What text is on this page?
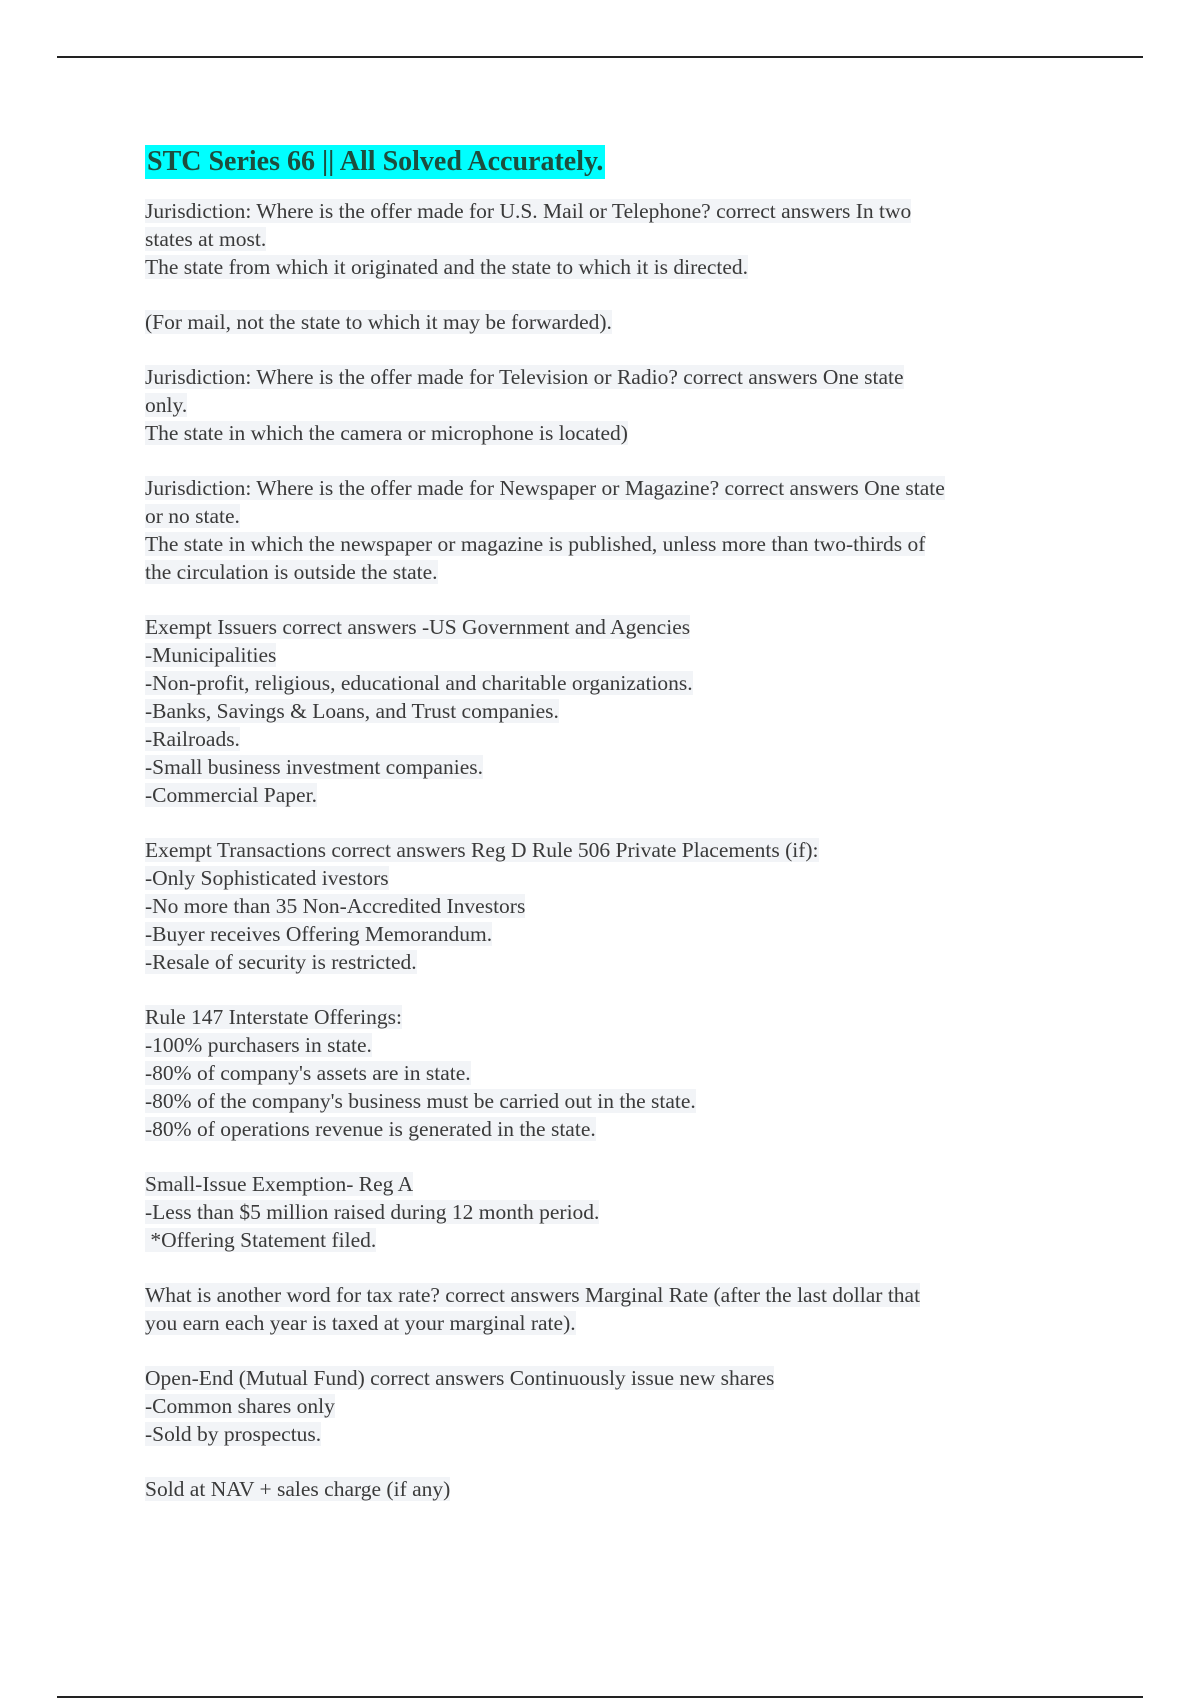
STC Series 66 || All Solved Accurately.
Jurisdiction: Where is the offer made for U.S. Mail or Telephone? correct answers In two
states at most.
The state from which it originated and the state to which it is directed.
(For mail, not the state to which it may be forwarded).
Jurisdiction: Where is the offer made for Television or Radio? correct answers One state
only.
The state in which the camera or microphone is located)
Jurisdiction: Where is the offer made for Newspaper or Magazine? correct answers One state
or no state.
The state in which the newspaper or magazine is published, unless more than two-thirds of
the circulation is outside the state.
Exempt Issuers correct answers -US Government and Agencies
-Municipalities
-Non-profit, religious, educational and charitable organizations.
-Banks, Savings & Loans, and Trust companies.
-Railroads.
-Small business investment companies.
-Commercial Paper.
Exempt Transactions correct answers Reg D Rule 506 Private Placements (if):
-Only Sophisticated ivestors
-No more than 35 Non-Accredited Investors
-Buyer receives Offering Memorandum.
-Resale of security is restricted.
Rule 147 Interstate Offerings:
-100% purchasers in state.
-80% of company's assets are in state.
-80% of the company's business must be carried out in the state.
-80% of operations revenue is generated in the state.
Small-Issue Exemption- Reg A
-Less than $5 million raised during 12 month period.
*Offering Statement filed.
What is another word for tax rate? correct answers Marginal Rate (after the last dollar that
you earn each year is taxed at your marginal rate).
Open-End (Mutual Fund) correct answers Continuously issue new shares
-Common shares only
-Sold by prospectus.
Sold at NAV + sales charge (if any)
